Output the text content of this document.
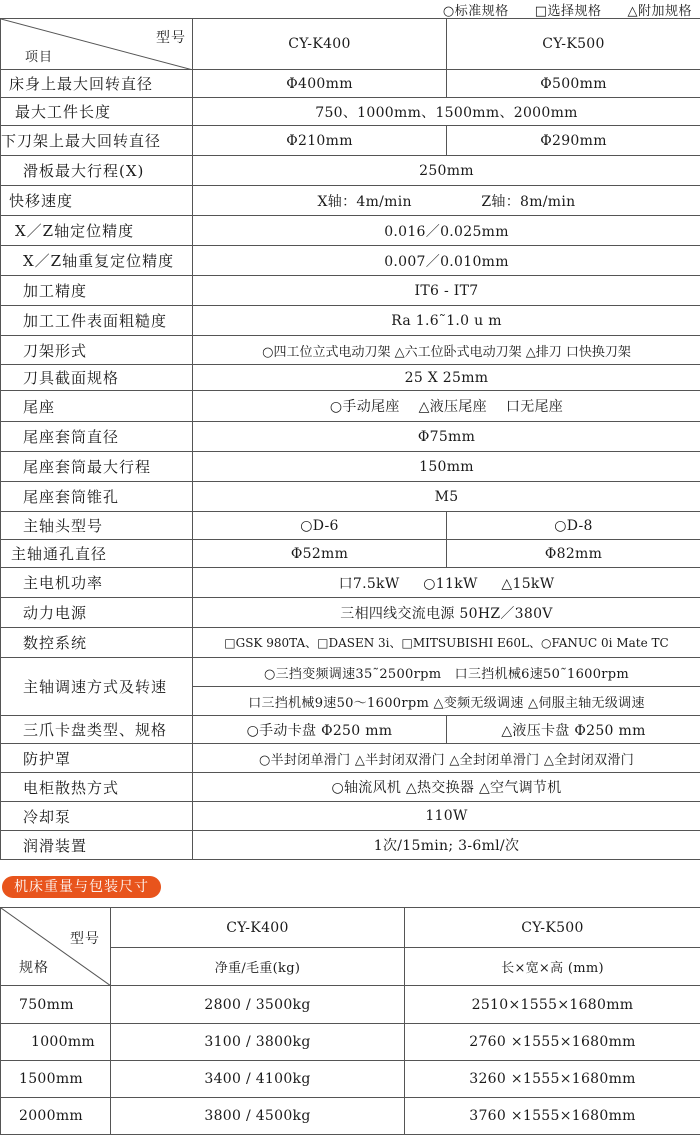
○标准规格 □选择规格 △附加规格
型号
项目	CY-K400	CY-K500
床身上最大回转直径	Φ400mm	Φ500mm
最大工件长度	750、1000mm、1500mm、2000mm	
下刀架上最大回转直径	Φ210mm	Φ290mm
滑板最大行程(X)	250mm	
快移速度	X轴：4m/min Z轴：8m/min	
X／Z轴定位精度	0.016／0.025mm	
X／Z轴重复定位精度	0.007／0.010mm	
加工精度	IT6 - IT7	
加工工件表面粗糙度	Ra 1.6˜1.0 u m	
刀架形式	○四工位立式电动刀架 △六工位卧式电动刀架 △排刀 口快换刀架	
刀具截面规格	25 X 25mm	
尾座	○手动尾座    △液压尾座    口无尾座	
尾座套筒直径	Φ75mm	
尾座套筒最大行程	150mm	
尾座套筒锥孔	M5	
主轴头型号	○D-6	○D-8
主轴通孔直径	Φ52mm	Φ82mm
主电机功率	口7.5kW     ○11kW     △15kW	
动力电源	三相四线交流电源 50HZ／380V	
数控系统	□GSK 980TA、□DASEN 3i、□MITSUBISHI E60L、○FANUC 0i Mate TC	
主轴调速方式及转速	○三挡变频调速35˜2500rpm   口三挡机械6速50˜1600rpm	
	口三挡机械9速50～1600rpm △变频无级调速 △伺服主轴无级调速	
三爪卡盘类型、规格	○手动卡盘 Φ250 mm	△液压卡盘 Φ250 mm
防护罩	○半封闭单滑门 △半封闭双滑门 △全封闭单滑门 △全封闭双滑门	
电柜散热方式	○轴流风机 △热交换器 △空气调节机	
冷却泵	110W	
润滑装置	1次/15min; 3-6ml/次	
机床重量与包装尺寸
型号
规格	CY-K400	CY-K500
	净重/毛重(kg)	长×宽×高 (mm)
750mm	2800 / 3500kg	2510×1555×1680mm
1000mm	3100 / 3800kg	2760 ×1555×1680mm
1500mm	3400 / 4100kg	3260 ×1555×1680mm
2000mm	3800 / 4500kg	3760 ×1555×1680mm
